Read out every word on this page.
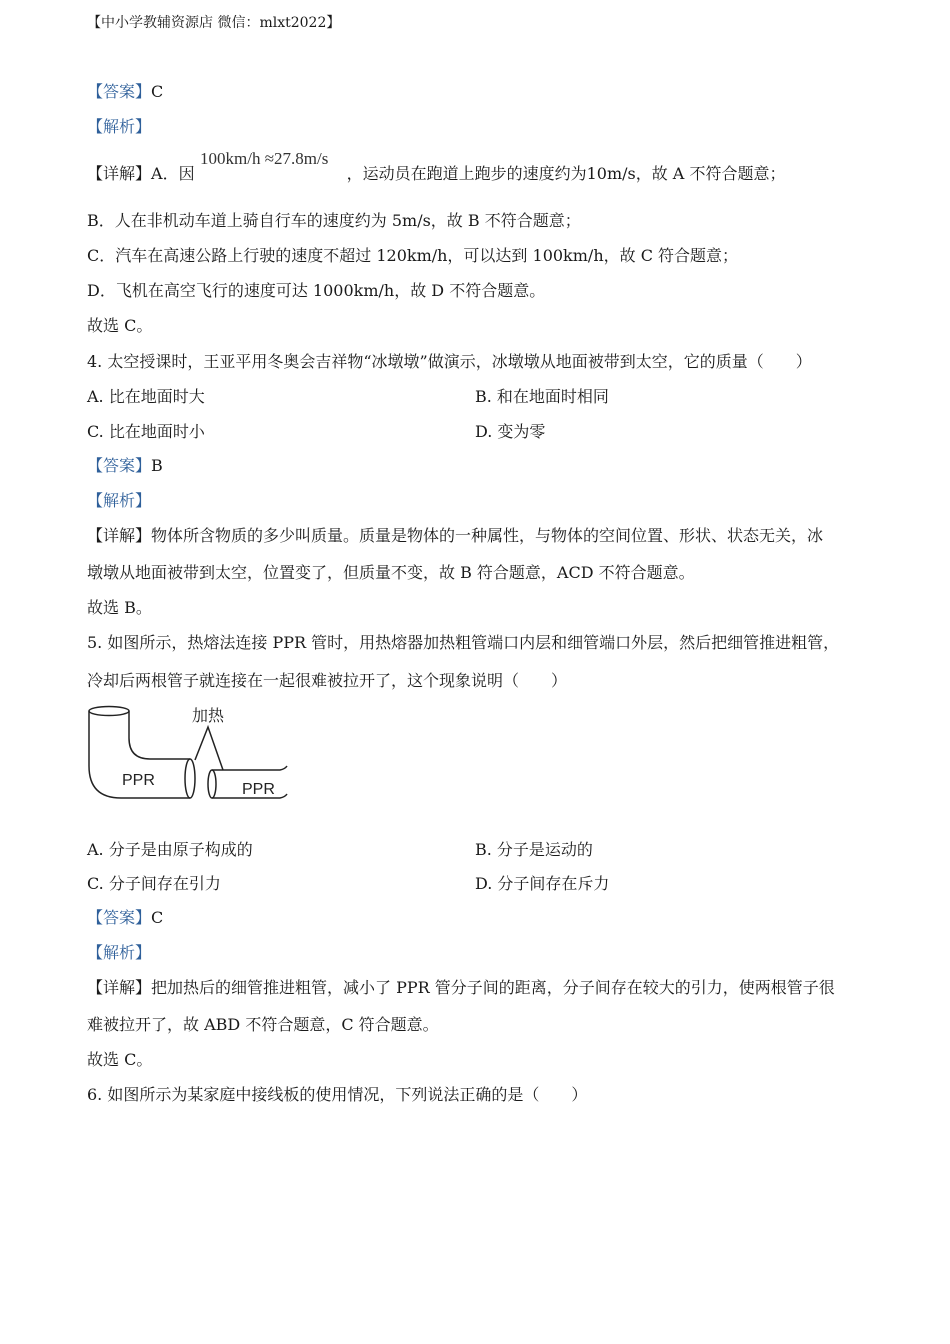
【中小学教辅资源店 微信：mlxt2022】
【答案】C
【解析】
100km/h ≈27.8m/s
【详解】A．因	，运动员在跑道上跑步的速度约为10m/s，故 A 不符合题意；
B．人在非机动车道上骑自行车的速度约为 5m/s，故 B 不符合题意；
C．汽车在高速公路上行驶的速度不超过 120km/h，可以达到 100km/h，故 C 符合题意；
D．飞机在高空飞行的速度可达 1000km/h，故 D 不符合题意。
故选 C。
4. 太空授课时，王亚平用冬奥会吉祥物“冰墩墩”做演示，冰墩墩从地面被带到太空，它的质量（　　）
A. 比在地面时大	B. 和在地面时相同
C. 比在地面时小	D. 变为零
【答案】B
【解析】
【详解】物体所含物质的多少叫质量。质量是物体的一种属性，与物体的空间位置、形状、状态无关，冰
墩墩从地面被带到太空，位置变了，但质量不变，故 B 符合题意，ACD 不符合题意。
故选 B。
5. 如图所示，热熔法连接 PPR 管时，用热熔器加热粗管端口内层和细管端口外层，然后把细管推进粗管，
冷却后两根管子就连接在一起很难被拉开了，这个现象说明（　　）
加热
PPR
PPR
A. 分子是由原子构成的	B. 分子是运动的
C. 分子间存在引力	D. 分子间存在斥力
【答案】C
【解析】
【详解】把加热后的细管推进粗管，减小了 PPR 管分子间的距离，分子间存在较大的引力，使两根管子很
难被拉开了，故 ABD 不符合题意，C 符合题意。
故选 C。
6. 如图所示为某家庭中接线板的使用情况，下列说法正确的是（　　）
